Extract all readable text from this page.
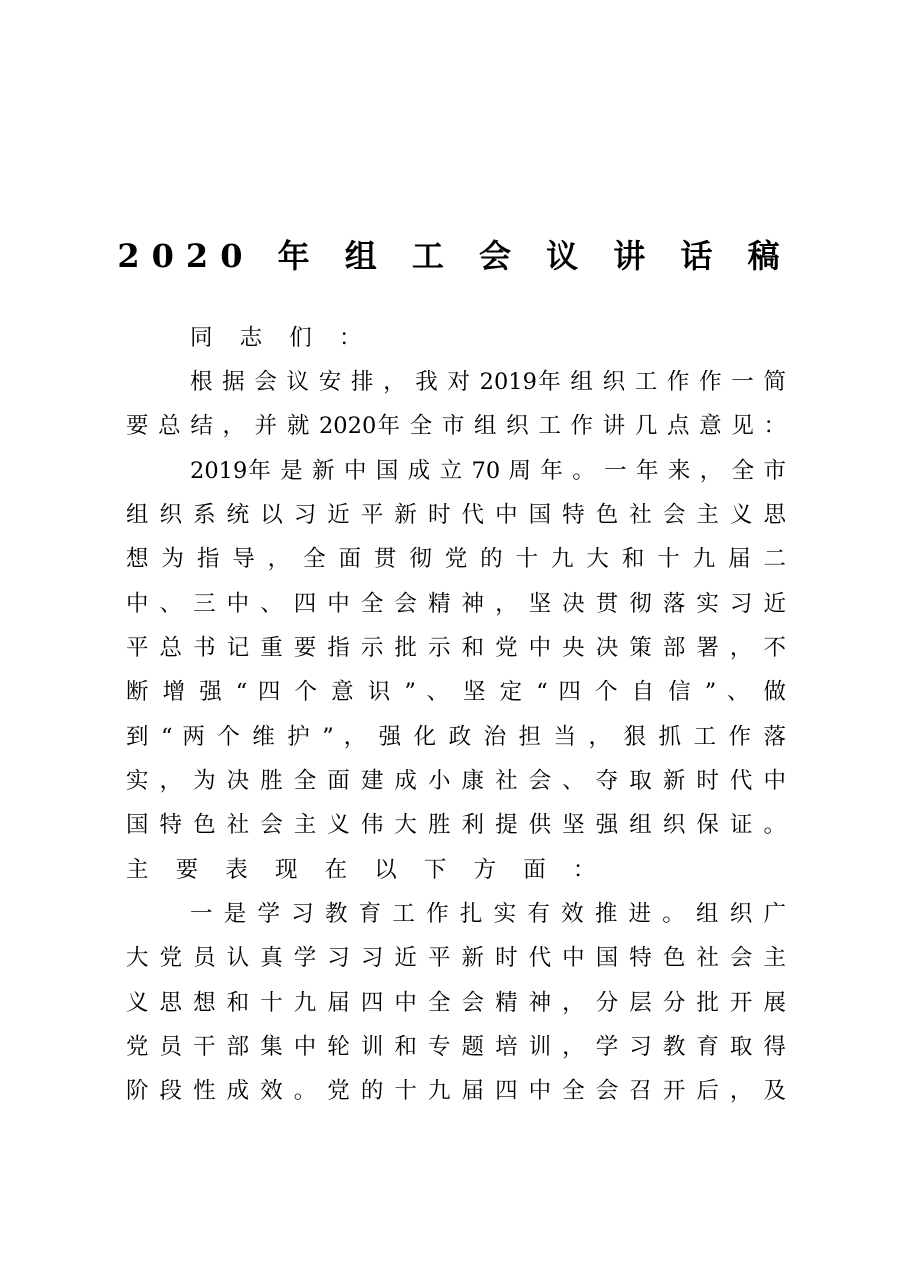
2020 年 组 工 会 议 讲 话 稿
同 志 们 ：
根 据 会 议 安 排 ， 我 对 2019年 组 织 工 作 作 一 简
要 总 结 ， 并 就 2020年 全 市 组 织 工 作 讲 几 点 意 见 ：
2019年 是 新 中 国 成 立 70 周 年 。 一 年 来 ， 全 市
组 织 系 统 以 习 近 平 新 时 代 中 国 特 色 社 会 主 义 思
想 为 指 导 ， 全 面 贯 彻 党 的 十 九 大 和 十 九 届 二
中 、 三 中 、 四 中 全 会 精 神 ， 坚 决 贯 彻 落 实 习 近
平 总 书 记 重 要 指 示 批 示 和 党 中 央 决 策 部 署 ， 不
断 增 强 “ 四 个 意 识 ” 、 坚 定 “ 四 个 自 信 ” 、 做
到 “ 两 个 维 护 ” ， 强 化 政 治 担 当 ， 狠 抓 工 作 落
实 ， 为 决 胜 全 面 建 成 小 康 社 会 、 夺 取 新 时 代 中
国 特 色 社 会 主 义 伟 大 胜 利 提 供 坚 强 组 织 保 证 。
主 要 表 现 在 以 下 方 面 ：
一 是 学 习 教 育 工 作 扎 实 有 效 推 进 。 组 织 广
大 党 员 认 真 学 习 习 近 平 新 时 代 中 国 特 色 社 会 主
义 思 想 和 十 九 届 四 中 全 会 精 神 ， 分 层 分 批 开 展
党 员 干 部 集 中 轮 训 和 专 题 培 训 ， 学 习 教 育 取 得
阶 段 性 成 效 。 党 的 十 九 届 四 中 全 会 召 开 后 ， 及
